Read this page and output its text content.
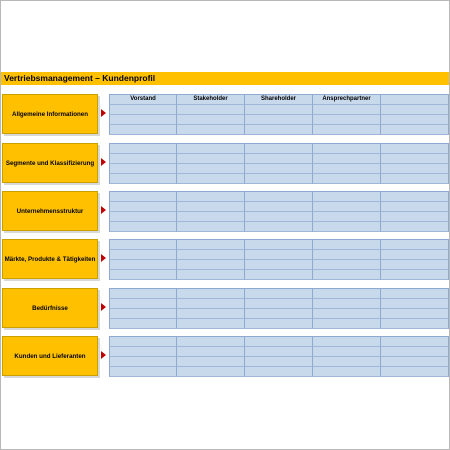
Vertriebsmanagement – Kundenprofil
Allgemeine Informationen
Vorstand	Stakeholder	Shareholder	Ansprechpartner
Segmente und Klassifizierung
Unternehmensstruktur
Märkte, Produkte & Tätigkeiten
Bedürfnisse
Kunden und Lieferanten
